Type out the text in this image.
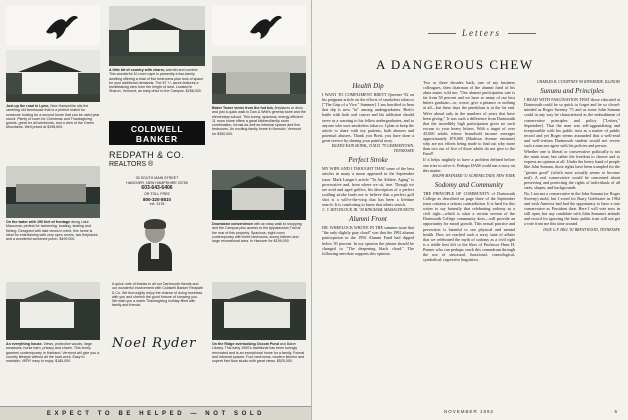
Just up the road in Lyme, New Hampshire sits the rambling old farmhouse that is a perfect match for someone looking for a second home that can be used year round. Plenty of room for Christmas and Thanksgiving guests, great for all weekends, and a view of the Green Mountains. Well priced at $198,600.
On the water with 150 feet of frontage along Lake Mascoma, perfect for swimming, boating, skating and fishing. Designed with lake views in mind, this home is ideal for entertaining with very open rooms, two fireplaces and a wonderful screened porch. $499,000.
An everything house. Views, protective woods, large meadows, horse barn, privacy and charm. This lovely gambrel contemporary in Hartland, Vermont will give you a country lifestyle without all the hard work. Easy to maintain, VERY easy to enjoy. $185,000.
A little bit of country with charm, warmth and comfort. This wonderful 10 room cape is presently a two-family dwelling offering a total of five bedrooms plus tons of space for your additional demands. The 87 +/- acres features a breathtaking view from the height of land. Located in Sharon, Vermont, an easy drive to the Campus. $256,000.
COLDWELL
BANKER
REDPATH & CO.
REALTORS ®
35 SOUTH MAIN STREET
HANOVER, NEW HAMPSHIRE 03755
603-643-6406
OR TOLL FREE
800-320-8810
ext. 3178
A quick note of thanks to all our Dartmouth friends and our wonderful involvement with Coldwell Banker Redpath & Co. We thoroughly enjoy the chance of doing business with you and cherish the good fortune of knowing you. We wish you a warm Thanksgiving holiday filled with family and friends.
Noel Ryder
Baker Tower views from the hot tub, fireplaces or deck and just a quick walk to Dan & Whit's general store and the elementary school. This sunny, spacious, energy efficient 11 room home offers a great kitchen/family room combination, formal as well as informal spaces and five bedrooms. An exciting family home in Norwich, Vermont for $350,000.
Downtown convenience with an easy walk to shopping and the Campus plus access to the Appalachian Trail at the rear of this property. Spacious, eight room contemporary with three bedrooms, sunny kitchen and large recreational area. In Hanover for $199,000.
On the Ridge overlooking Occom Pond and Baker Library. This early 1900's traditional has been lovingly renovated and is an exceptional home for a family. Formal and informal spaces. Four bedrooms, modern kitchen and superb first floor studio with great views. $525,000.
EXPECT TO BE HELPED — NOT SOLD
Letters
A DANGEROUS CHEW
Health Dip

I WANT TO COMPLIMENT BRETT Queener '92 on his poignant article on the effects of smokeless tobacco ["The Grip of a Vice," Summer]. I am horrified to hear that dip is now "in" among undergraduates. Brett's battle with both oral cancer and his addiction should serve as a warning to his fellow undergraduates, and to anyone who uses smokeless tobacco. I plan to keep the article to share with my patients, both abusers and potential abusers. Thank you Brett, you have done a great service by sharing your painful story.

EILEEN KAIN SEJPAL, D.M.D. '79 GERMANTOWN, TENNESSEE
Perfect Stroke

MY WIFE AND I THOUGHT THAT some of the best articles in many a moon appeared in the September issue. Mark Langer's article "To An Athlete, Aging" is provocative and, from where we sit, true. Though we are avid and aged golfers, his description of a perfect sculling stroke leads me to believe that a perfect golf shot is a will-o-the-wisp that has been a lifetime search. It is comforting to know that others search.

C. V. HITCHCOCK JR. '38 HINGHAM, MASSACHUSETTS
Alumni Front

DR. WHEELOCK WROTE IN THE summer issue that "the only slightly gray cloud" was that the 1992 alumni participation in the 1992 Alumni Fund had dipped below 50 percent. In my opinion the phrase should be changed to "The deepening black cloud." The following anecdote supports this opinion.

Two or three decades back, one of my business colleagues, then chairman of the alumni fund of his alma mater, told me, "Our alumni participation rate is far from 50 percent and we have so many of our best hitters graduate—or, worse, give a pittance or nothing at all—but these days the pendulum is at the far end. We're ahead only in the numbers of years that have been giving." It was such a difference from Dartmouth that the incredibly high participation gives no such excuse to your heavy hitters. With a target of over 45,000 adults whose household income averages approximately $70,000 (Madison Avenue estimate) why are not efforts being made to find out why more than two out of five of those adults do not give to the Fund?

If it helps mightily to have a problem defined before one tries to solve it. Perhaps DAM could run a story on this matter.

RALPH MAYNARD '31 SCHENECTADY, NEW YORK
Sodomy and Community

THE PRINCIPLE OF COMMUNITY of Dartmouth College as described on page three of the September issue contains a serious contradiction. It is hard for this writer to say honestly that celebrating sodomy as a civil right—which is what a certain section of the Dartmouth College community does—will provide an opportunity for moral growth. This sexual practice and perversion is harmful to our physical and mental health. How we reached such a sorry state of affairs that we celebrated the myth of sodomy as a civil right is a riddle best left to the likes of Professor Hans H. Penner who can perhaps crack this conundrum through the use of structural, functional, cosmological, symbolical, regressive linguistics.

CHARLES R. COURTNEY '69 RIVERSIDE, ILLINOIS
Sununu and Principles

I READ WITH FASCINATION THAT those educated at Dartmouth could be so quick to forget and be so closed-minded as Roger Sweeny '71 and as some John Sununu could in any way be characterized as the embodiment of conservative principles and policy ["Letters," September]. That the man was self-aggrandizing and irresponsible with his public trust as a matter of public record and yet Roger seems astounded that a well-read and well-written Dartmouth student would not revere such a man nor agree with his policies and person.

Whether one is liberal or conservative politically is not the main issue, but rather the freedom to choose and to express an opinion at all. Under the heavy hand of people like John Sununu, those rights have been trampled for the "greater good" (which most actually seems to become real). A real conservative would be concerned about preserving and protecting the rights of individuals of all sizes, shapes, and backgrounds.

No, I am not a conservative in the John Sununu (or Roger Sweeny) mold, but I voted for Barry Goldwater in 1964 and wish America had had the opportunity to have a true conservative as President then. Here I will vote now in still open, but any candidate with John Sununu's attitude and record for ignoring the basic public trust will not get a vote from me this time around.

JACK G.F. HILL '81 BRENTWOOD, TENNESSEE
NOVEMBER 1992	5
